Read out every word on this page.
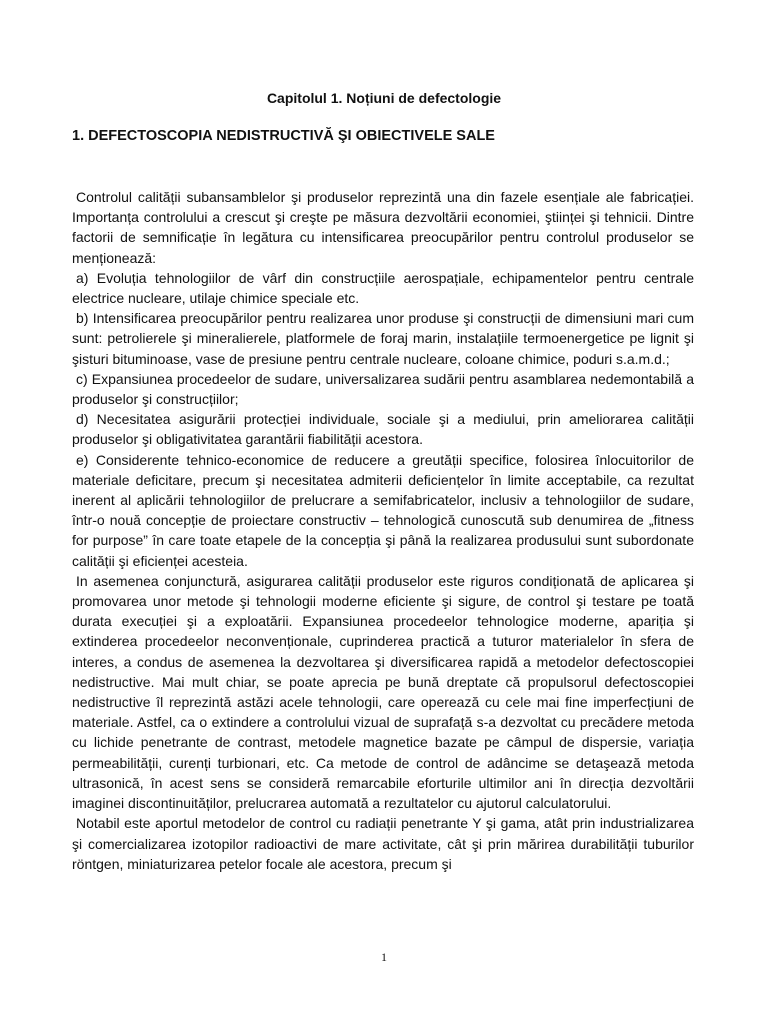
Capitolul 1. Noțiuni de defectologie
1. DEFECTOSCOPIA NEDISTRUCTIVĂ ŞI OBIECTIVELE SALE

Controlul calității subansamblelor şi produselor reprezintă una din fazele esențiale ale fabricației. Importanța controlului a crescut şi creşte pe măsura dezvoltării economiei, ştiinței şi tehnicii. Dintre factorii de semnificație în legătura cu intensificarea preocupărilor pentru controlul produselor se menționează:

a) Evoluția tehnologiilor de vârf din construcțiile aerospațiale, echipamentelor pentru centrale electrice nucleare, utilaje chimice speciale etc.

b) Intensificarea preocupărilor pentru realizarea unor produse şi construcții de dimensiuni mari cum sunt: petrolierele şi mineralierele, platformele de foraj marin, instalațiile termoenergetice pe lignit şi şisturi bituminoase, vase de presiune pentru centrale nucleare, coloane chimice, poduri s.a.m.d.;

c) Expansiunea procedeelor de sudare, universalizarea sudării pentru asamblarea nedemontabilă a produselor şi construcțiilor;

d) Necesitatea asigurării protecției individuale, sociale şi a mediului, prin ameliorarea calității produselor şi obligativitatea garantării fiabilității acestora.

e) Considerente tehnico-economice de reducere a greutății specifice, folosirea înlocuitorilor de materiale deficitare, precum şi necesitatea admiterii deficiențelor în limite acceptabile, ca rezultat inerent al aplicării tehnologiilor de prelucrare a semifabricatelor, inclusiv a tehnologiilor de sudare, într-o nouă concepție de proiectare constructiv – tehnologică cunoscută sub denumirea de „fitness for purpose” în care toate etapele de la concepția şi până la realizarea produsului sunt subordonate calității şi eficienței acesteia.

In asemenea conjunctură, asigurarea calității produselor este riguros condiționată de aplicarea şi promovarea unor metode şi tehnologii moderne eficiente şi sigure, de control şi testare pe toată durata execuției şi a exploatării. Expansiunea procedeelor tehnologice moderne, apariția şi extinderea procedeelor neconvenționale, cuprinderea practică a tuturor materialelor în sfera de interes, a condus de asemenea la dezvoltarea şi diversificarea rapidă a metodelor defectoscopiei nedistructive. Mai mult chiar, se poate aprecia pe bună dreptate că propulsorul defectoscopiei nedistructive îl reprezintă astăzi acele tehnologii, care operează cu cele mai fine imperfecțiuni de materiale. Astfel, ca o extindere a controlului vizual de suprafață s-a dezvoltat cu precădere metoda cu lichide penetrante de contrast, metodele magnetice bazate pe câmpul de dispersie, variația permeabilității, curenți turbionari, etc. Ca metode de control de adâncime se detaşează metoda ultrasonică, în acest sens se consideră remarcabile eforturile ultimilor ani în direcția dezvoltării imaginei discontinuităților, prelucrarea automată a rezultatelor cu ajutorul calculatorului.

Notabil este aportul metodelor de control cu radiații penetrante Y şi gama, atât prin industrializarea şi comercializarea izotopilor radioactivi de mare activitate, cât şi prin mărirea durabilității tuburilor röntgen, miniaturizarea petelor focale ale acestora, precum şi

1
